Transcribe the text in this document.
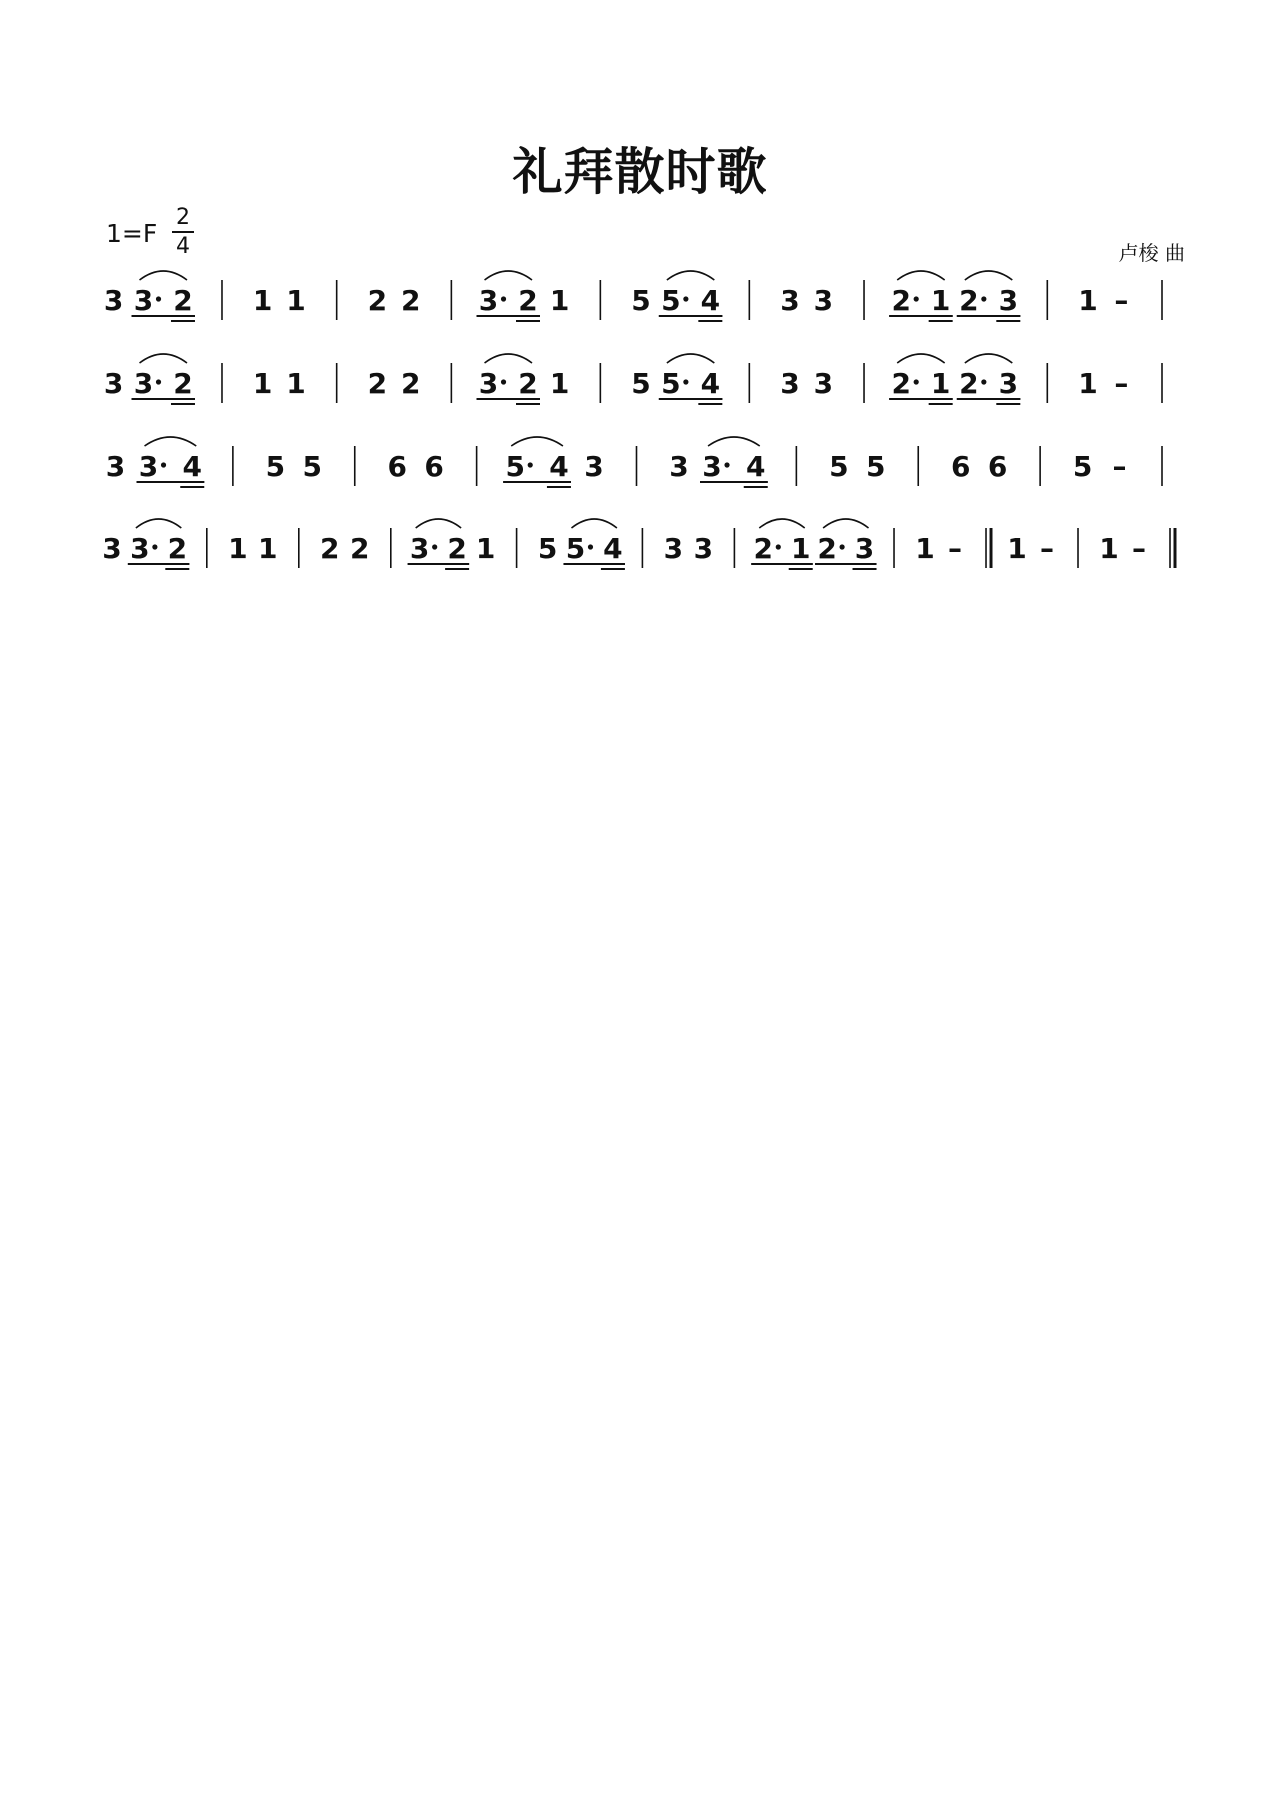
礼拜散时歌
1=F
2
4	卢梭 曲
3 3 2 1 1 2 2 3 2 1 5 5 4 3 3 2 1 2 3 1 –
3 3 2 1 1 2 2 3 2 1 5 5 4 3 3 2 1 2 3 1 –
3 3 4 5 5 6 6 5 4 3 3 3 4 5 5 6 6 5 –
3 3 2 1 1 2 2 3 2 1 5 5 4 3 3 2 1 2 3 1 – 1 – 1 –
